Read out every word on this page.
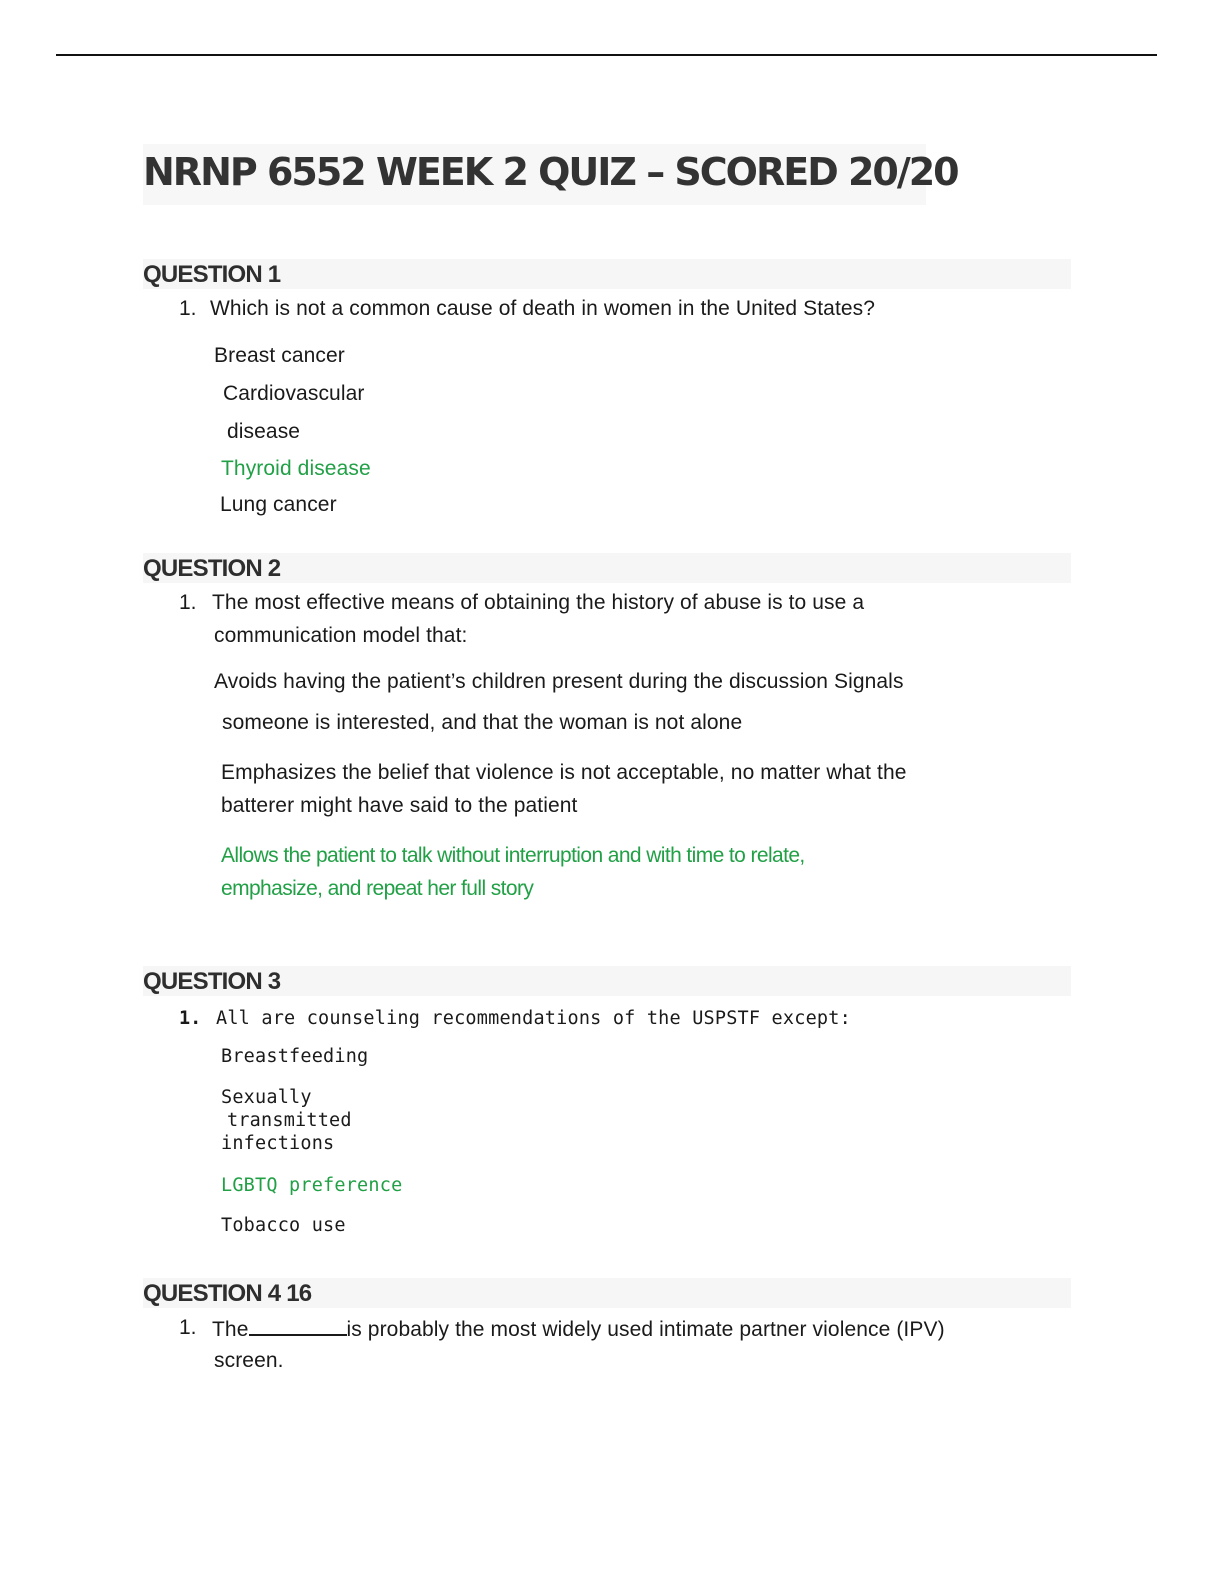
NRNP 6552 WEEK 2 QUIZ – SCORED 20/20
QUESTION 1
1. Which is not a common cause of death in women in the United States?
Breast cancer
Cardiovascular
disease
Thyroid disease
Lung cancer
QUESTION 2
1. The most effective means of obtaining the history of abuse is to use a
communication model that:
Avoids having the patient’s children present during the discussion Signals
someone is interested, and that the woman is not alone
Emphasizes the belief that violence is not acceptable, no matter what the
batterer might have said to the patient
Allows the patient to talk without interruption and with time to relate,
emphasize, and repeat her full story
QUESTION 3
1. All are counseling recommendations of the USPSTF except:
Breastfeeding
Sexually
transmitted
infections
LGBTQ preference
Tobacco use
QUESTION 4 16
1. The	is probably the most widely used intimate partner violence (IPV)
screen.
